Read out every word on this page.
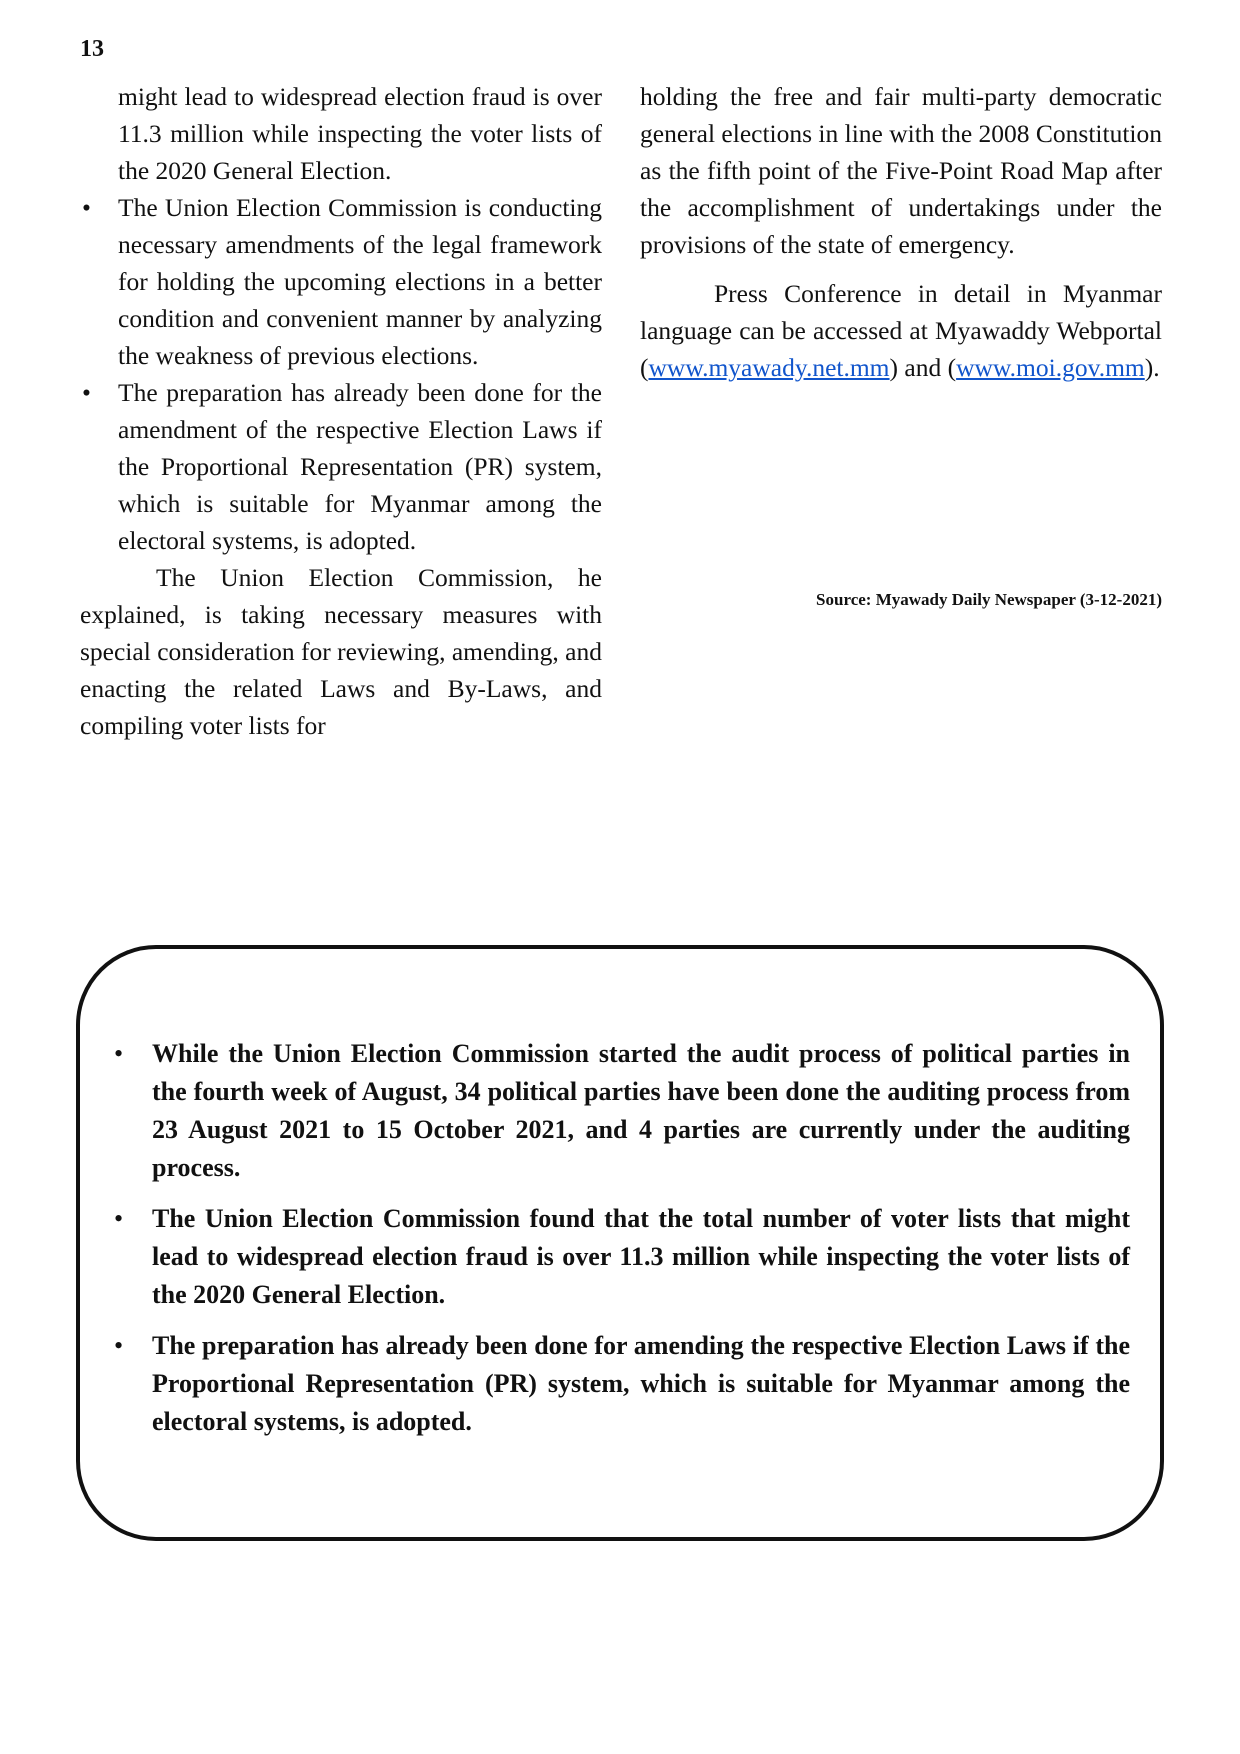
13

might lead to widespread election fraud is over 11.3 million while inspecting the voter lists of the 2020 General Election.

• The Union Election Commission is conducting necessary amendments of the legal framework for holding the upcoming elections in a better condition and convenient manner by analyzing the weakness of previous elections.
• The preparation has already been done for the amendment of the respective Election Laws if the Proportional Representation (PR) system, which is suitable for Myanmar among the electoral systems, is adopted.

The Union Election Commission, he explained, is taking necessary measures with special consideration for reviewing, amending, and enacting the related Laws and By-Laws, and compiling voter lists for

holding the free and fair multi-party democratic general elections in line with the 2008 Constitution as the fifth point of the Five-Point Road Map after the accomplishment of undertakings under the provisions of the state of emergency.

Press Conference in detail in Myanmar language can be accessed at Myawaddy Webportal (www.myawady.net.mm) and (www.moi.gov.mm).

Source: Myawady Daily Newspaper (3-12-2021)
• While the Union Election Commission started the audit process of political parties in the fourth week of August, 34 political parties have been done the auditing process from 23 August 2021 to 15 October 2021, and 4 parties are currently under the auditing process.
• The Union Election Commission found that the total number of voter lists that might lead to widespread election fraud is over 11.3 million while inspecting the voter lists of the 2020 General Election.
• The preparation has already been done for amending the respective Election Laws if the Proportional Representation (PR) system, which is suitable for Myanmar among the electoral systems, is adopted.
